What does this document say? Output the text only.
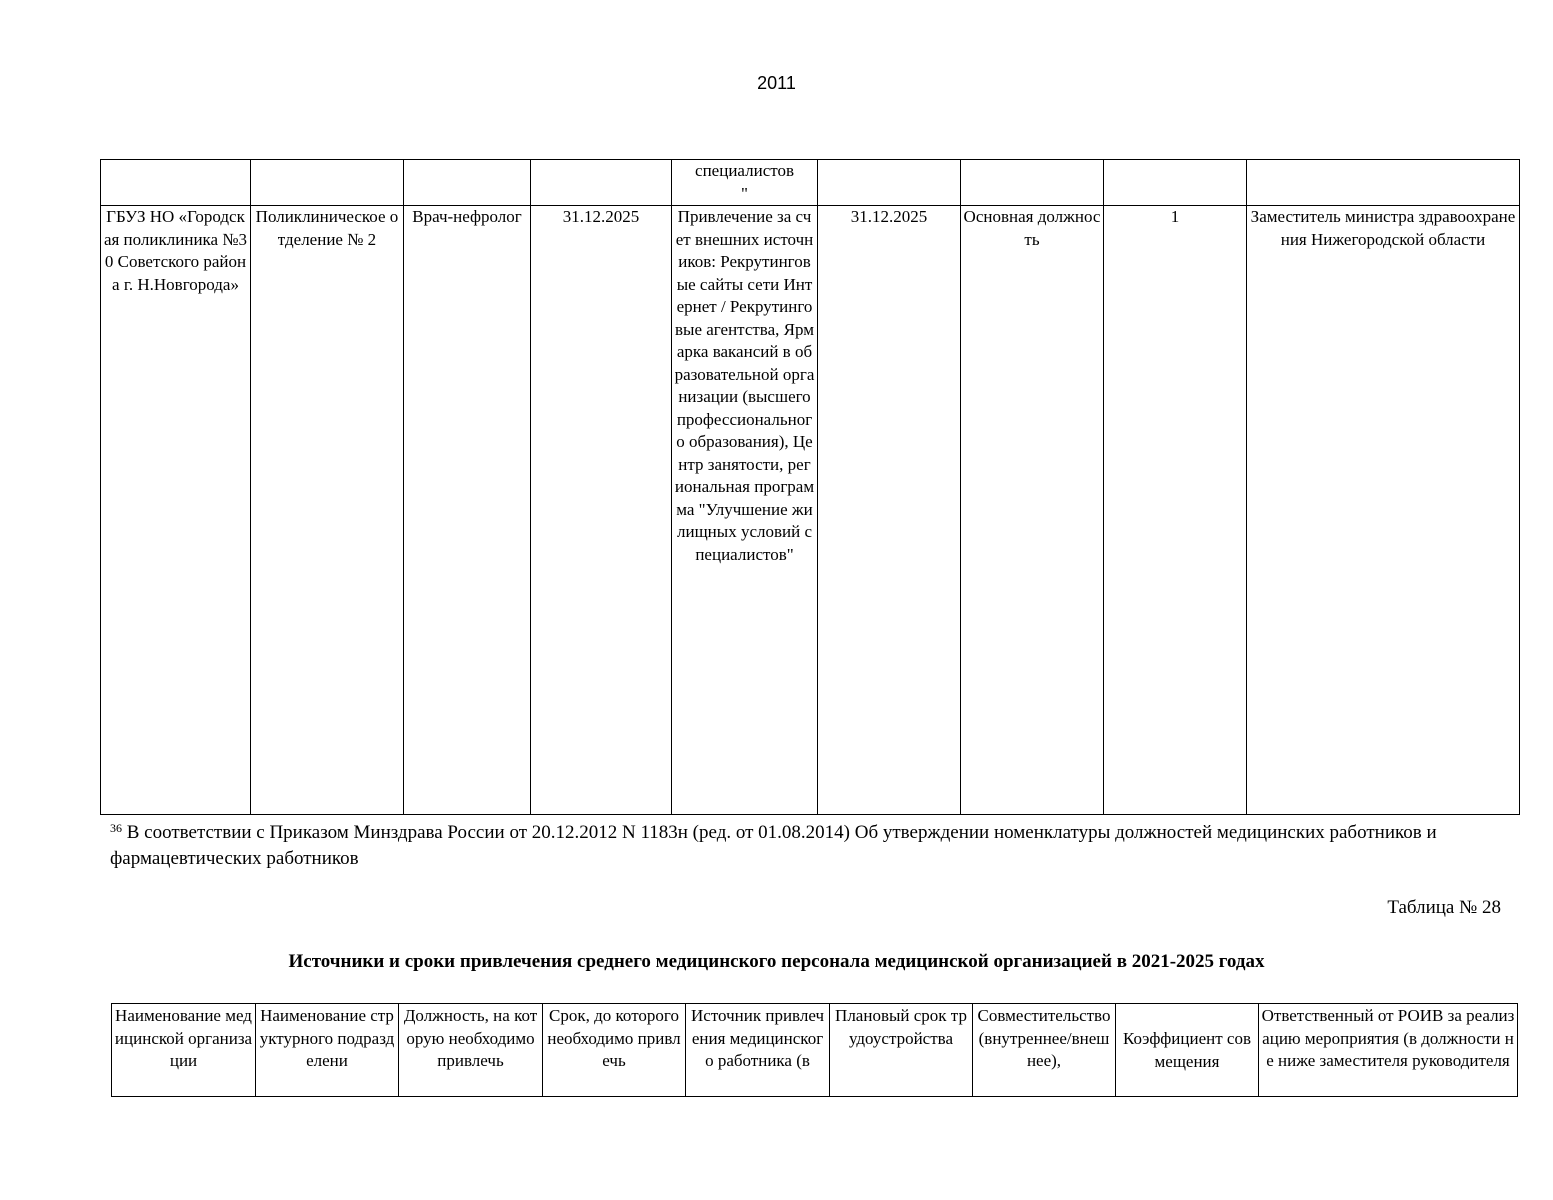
2011
				специалистов
"				
ГБУЗ НО «Городская поликлиника №30 Советского района г. Н.Новгорода»	Поликлиническое отделение № 2	Врач-нефролог	31.12.2025	Привлечение за счет внешних источников: Рекрутинговые сайты сети Интернет / Рекрутинговые агентства, Ярмарка вакансий в образовательной организации (высшего профессионального образования), Центр занятости, региональная программа "Улучшение жилищных условий специалистов"	31.12.2025	Основная должность	1	Заместитель министра здравоохранения Нижегородской области
$^{36}$ В соответствии с Приказом Минздрава России от 20.12.2012 N 1183н (ред. от 01.08.2014) Об утверждении номенклатуры должностей медицинских работников и фармацевтических работников
Таблица № 28
Источники и сроки привлечения среднего медицинского персонала медицинской организацией в 2021-2025 годах
Наименование медицинской организации	Наименование структурного подразделени	Должность, на которую необходимо привлечь	Срок, до которого необходимо привлечь	Источник привлечения медицинского работника (в	Плановый срок трудоустройства	Совместительство (внутреннее/внешнее),	Коэффициент совмещения	Ответственный от РОИВ за реализацию мероприятия (в должности не ниже заместителя руководителя
